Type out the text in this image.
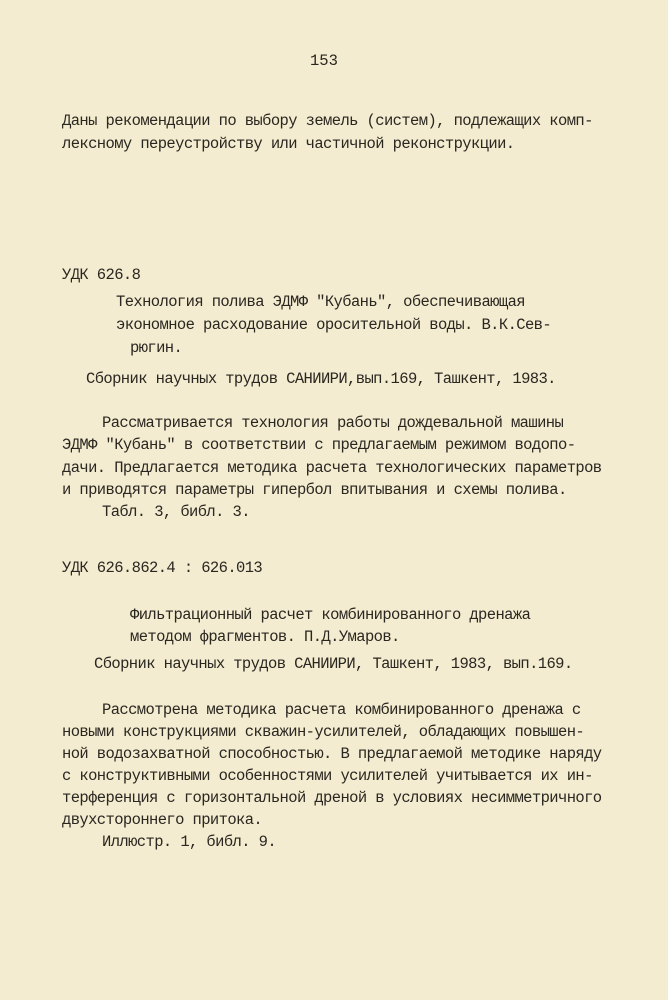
153
Даны рекомендации по выбору земель (систем), подлежащих комп-
лексному переустройству или частичной реконструкции.
УДК 626.8
Технология полива ЭДМФ "Кубань", обеспечивающая
экономное расходование оросительной воды. В.К.Сев-
рюгин.
Сборник научных трудов САНИИРИ,вып.169, Ташкент, 1983.
Рассматривается технология работы дождевальной машины
ЭДМФ "Кубань" в соответствии с предлагаемым режимом водопо-
дачи. Предлагается методика расчета технологических параметров
и приводятся параметры гипербол впитывания и схемы полива.
Табл. 3, библ. 3.
УДК 626.862.4 : 626.013
Фильтрационный расчет комбинированного дренажа
методом фрагментов. П.Д.Умаров.
Сборник научных трудов САНИИРИ, Ташкент, 1983, вып.169.
Рассмотрена методика расчета комбинированного дренажа с
новыми конструкциями скважин-усилителей, обладающих повышен-
ной водозахватной способностью. В предлагаемой методике наряду
с конструктивными особенностями усилителей учитывается их ин-
терференция с горизонтальной дреной в условиях несимметричного
двухстороннего притока.
Иллюстр. 1, библ. 9.
